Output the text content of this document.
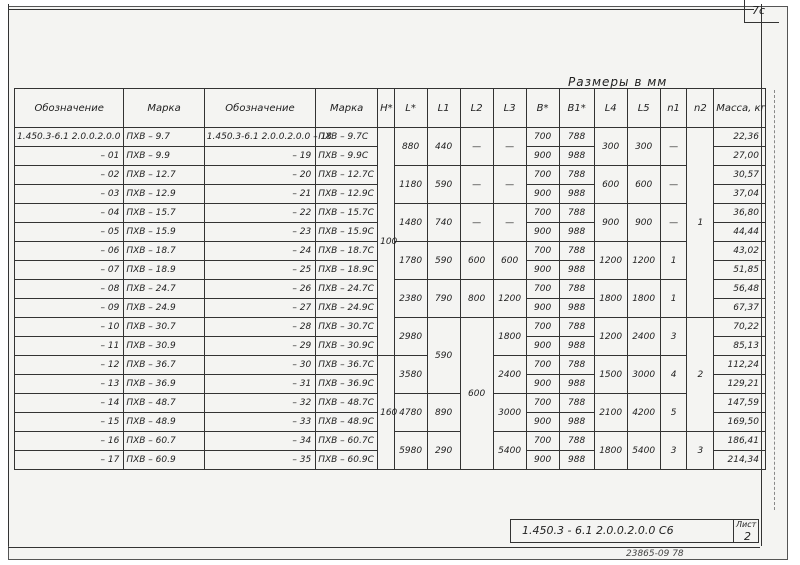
7c
Размеры в мм
Обозначение	Марка	Обозначение	Марка	H*	L*	L1	L2	L3	B*	B1*	L4	L5	n1	n2	Масса, кг
1.450.3-6.1 2.0.0.2.0.0	ПХВ – 9.7	1.450.3-6.1 2.0.0.2.0.0 – 18	ПХВ – 9.7С	100	880	440	—	—	700	788	300	300	—	1	22,36
– 01	ПХВ – 9.9	– 19	ПХВ – 9.9С						900	988					27,00
– 02	ПХВ – 12.7	– 20	ПХВ – 12.7С		1180	590	—	—	700	788	600	600	—		30,57
– 03	ПХВ – 12.9	– 21	ПХВ – 12.9С						900	988					37,04
– 04	ПХВ – 15.7	– 22	ПХВ – 15.7С		1480	740	—	—	700	788	900	900	—		36,80
– 05	ПХВ – 15.9	– 23	ПХВ – 15.9С						900	988					44,44
– 06	ПХВ – 18.7	– 24	ПХВ – 18.7С		1780	590	600	600	700	788	1200	1200	1		43,02
– 07	ПХВ – 18.9	– 25	ПХВ – 18.9С						900	988					51,85
– 08	ПХВ – 24.7	– 26	ПХВ – 24.7С		2380	790	800	1200	700	788	1800	1800	1		56,48
– 09	ПХВ – 24.9	– 27	ПХВ – 24.9С						900	988					67,37
– 10	ПХВ – 30.7	– 28	ПХВ – 30.7С		2980	590	600	1800	700	788	1200	2400	3	2	70,22
– 11	ПХВ – 30.9	– 29	ПХВ – 30.9С						900	988					85,13
– 12	ПХВ – 36.7	– 30	ПХВ – 36.7С	160	3580			2400	700	788	1500	3000	4		112,24
– 13	ПХВ – 36.9	– 31	ПХВ – 36.9С						900	988					129,21
– 14	ПХВ – 48.7	– 32	ПХВ – 48.7С		4780	890		3000	700	788	2100	4200	5		147,59
– 15	ПХВ – 48.9	– 33	ПХВ – 48.9С						900	988					169,50
– 16	ПХВ – 60.7	– 34	ПХВ – 60.7С		5980	290		5400	700	788	1800	5400	3	3	186,41
– 17	ПХВ – 60.9	– 35	ПХВ – 60.9С						900	988					214,34
1.450.3 - 6.1 2.0.0.2.0.0 С6	Лист
2
23865-09 78
